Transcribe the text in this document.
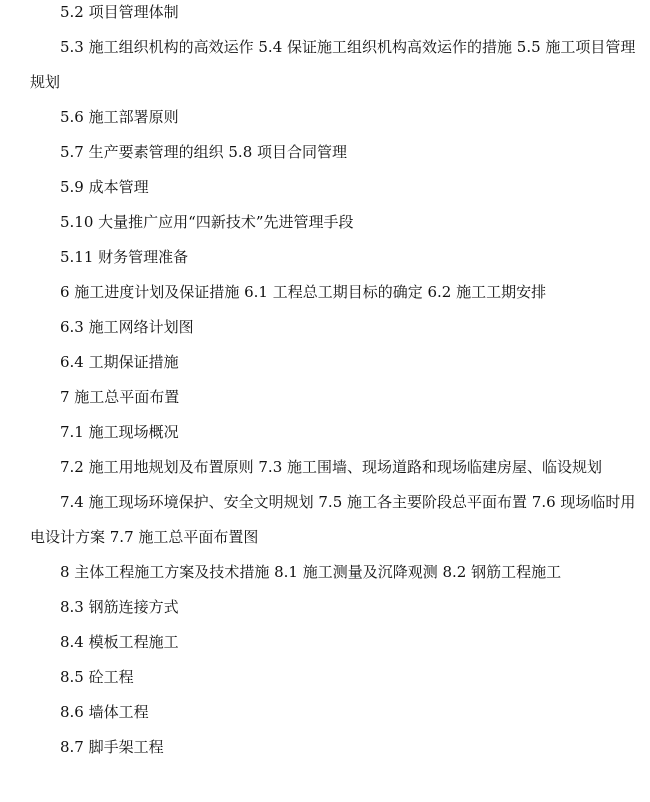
5.2 项目管理体制

5.3 施工组织机构的高效运作 5.4 保证施工组织机构高效运作的措施 5.5 施工项目管理规划

5.6 施工部署原则

5.7 生产要素管理的组织 5.8 项目合同管理

5.9 成本管理

5.10 大量推广应用“四新技术”先进管理手段

5.11 财务管理准备

6 施工进度计划及保证措施 6.1 工程总工期目标的确定 6.2 施工工期安排

6.3 施工网络计划图

6.4 工期保证措施

7 施工总平面布置

7.1 施工现场概况

7.2 施工用地规划及布置原则 7.3 施工围墙、现场道路和现场临建房屋、临设规划

7.4 施工现场环境保护、安全文明规划 7.5 施工各主要阶段总平面布置 7.6 现场临时用电设计方案 7.7 施工总平面布置图

8 主体工程施工方案及技术措施 8.1 施工测量及沉降观测 8.2 钢筋工程施工

8.3 钢筋连接方式

8.4 模板工程施工

8.5 砼工程

8.6 墙体工程

8.7 脚手架工程
